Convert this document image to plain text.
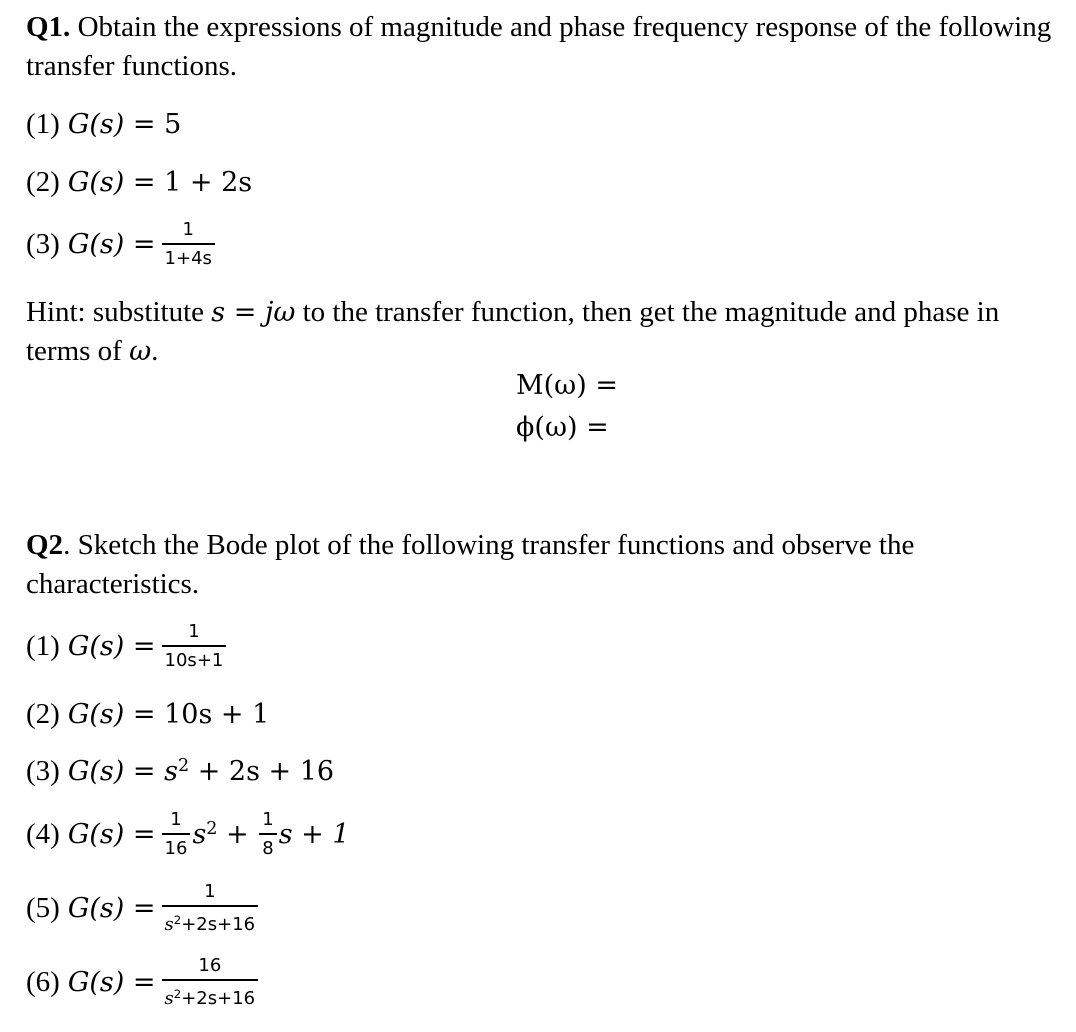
Q1. Obtain the expressions of magnitude and phase frequency response of the following transfer functions.
(1) G(s) = 5
(2) G(s) = 1 + 2s
(3) $G(s) = \frac{1}{1+4s}$
Hint: substitute s = jω to the transfer function, then get the magnitude and phase in terms of ω.
M(ω) =
ϕ(ω) =
Q2. Sketch the Bode plot of the following transfer functions and observe the characteristics.
(1) $G(s) = \frac{1}{10s+1}$
(2) G(s) = 10s + 1
(3) $G(s) = s^2 + 2s + 16$
(4) $G(s) = \frac{1}{16} s^2 + \frac{1}{8}$ s + 1
(5) $G(s) = \frac{1}{s^2+2s+16}$
(6) $G(s) = \frac{16}{s^2+2s+16}$
